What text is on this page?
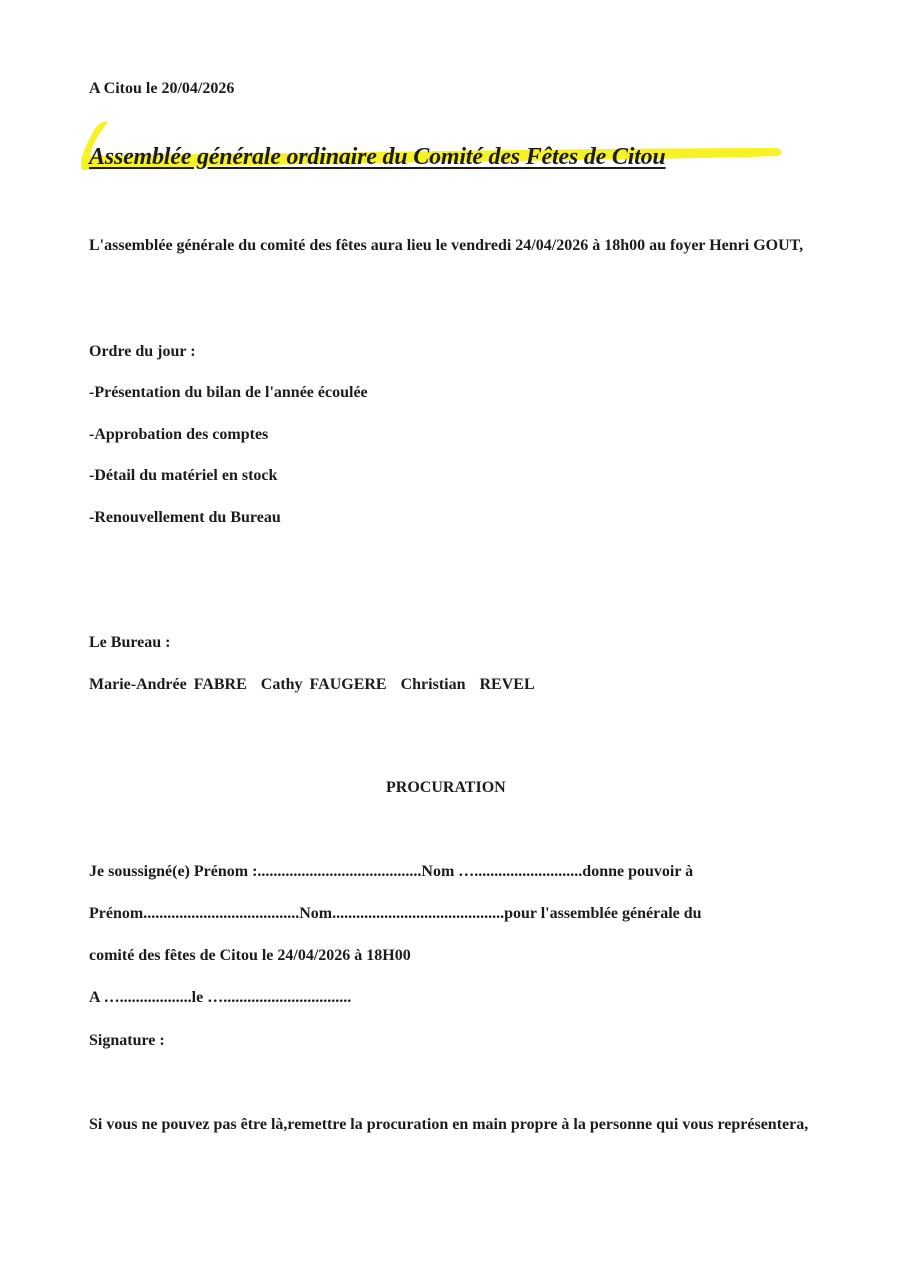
A Citou le 20/04/2026

Assemblée générale ordinaire du Comité des Fêtes de Citou

L'assemblée générale du comité des fêtes aura lieu le vendredi 24/04/2026 à 18h00 au foyer Henri GOUT,

Ordre du jour :

-Présentation du bilan de l'année écoulée

-Approbation des comptes

-Détail du matériel en stock

-Renouvellement du Bureau

Le Bureau :

Marie-Andrée FABRE  Cathy FAUGERE  Christian  REVEL

PROCURATION

Je soussigné(e) Prénom :.........................................Nom …...........................donne pouvoir à

Prénom.......................................Nom...........................................pour l'assemblée générale du

comité des fêtes de Citou le 24/04/2026 à 18H00

A …..................le …................................

Signature :

Si vous ne pouvez pas être là,remettre la procuration en main propre à la personne qui vous représentera,
